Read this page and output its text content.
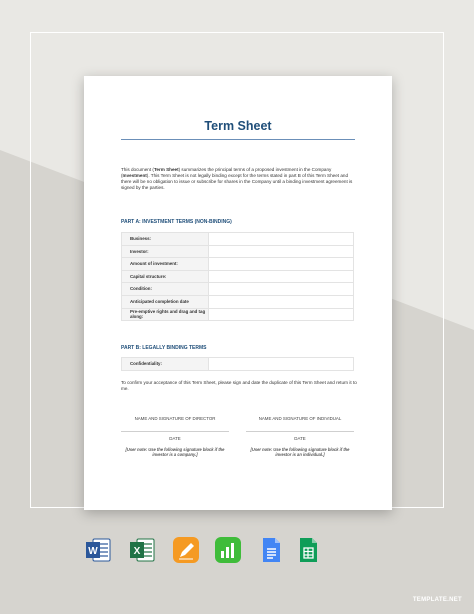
Term Sheet
This document (Term Sheet) summarizes the principal terms of a proposed investment in the Company (Investment). This Term Sheet is not legally binding except for the terms stated in part B of this Term Sheet and there will be no obligation to issue or subscribe for shares in the Company until a binding investment agreement is signed by the parties.
PART A: INVESTMENT TERMS (NON-BINDING)
Business:	
Investor:	
Amount of investment:	
Capital structure:	
Condition:	
Anticipated completion date	
Pre-emptive rights and drag and tag along:	
PART B: LEGALLY BINDING TERMS
Confidentiality:	
To confirm your acceptance of this Term Sheet, please sign and date the duplicate of this Term Sheet and return it to me.
NAME AND SIGNATURE OF DIRECTOR
DATE
[User note: Use the following signature block if the investor is a company.]
NAME AND SIGNATURE OF INDIVIDUAL
DATE
[User note: Use the following signature block if the investor is an individual.]
W	X
TEMPLATE.NET
